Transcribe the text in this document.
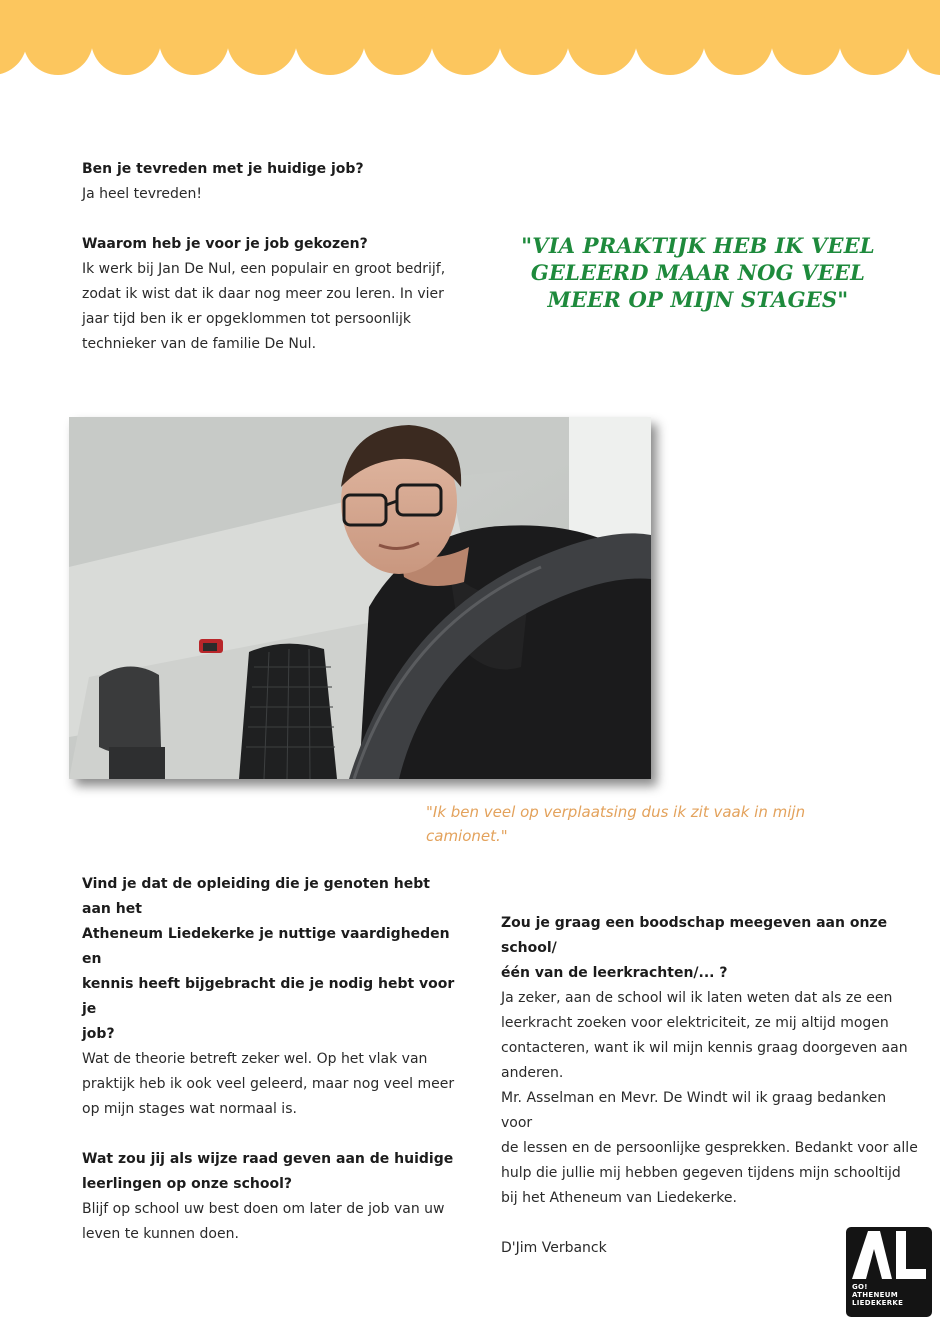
Ben je tevreden met je huidige job?

Ja heel tevreden!

Waarom heb je voor je job gekozen?

Ik werk bij Jan De Nul, een populair en groot bedrijf,

zodat ik wist dat ik daar nog meer zou leren. In vier

jaar tijd ben ik er opgeklommen tot persoonlijk

technieker van de familie De Nul.

"VIA PRAKTIJK HEB IK VEEL
GELEERD MAAR NOG VEEL
MEER OP MIJN STAGES"
"Ik ben veel op verplaatsing dus ik zit vaak in mijn camionet."

Vind je dat de opleiding die je genoten hebt aan het

Atheneum Liedekerke je nuttige vaardigheden en

kennis heeft bijgebracht die je nodig hebt voor je

job?

Wat de theorie betreft zeker wel. Op het vlak van

praktijk heb ik ook veel geleerd, maar nog veel meer

op mijn stages wat normaal is.

Wat zou jij als wijze raad geven aan de huidige

leerlingen op onze school?

Blijf op school uw best doen om later de job van uw

leven te kunnen doen.

Zou je graag een boodschap meegeven aan onze school/

één van de leerkrachten/... ?

Ja zeker, aan de school wil ik laten weten dat als ze een

leerkracht zoeken voor elektriciteit, ze mij altijd mogen

contacteren, want ik wil mijn kennis graag doorgeven aan

anderen.

Mr. Asselman en Mevr. De Windt wil ik graag bedanken voor

de lessen en de persoonlijke gesprekken. Bedankt voor alle

hulp die jullie mij hebben gegeven tijdens mijn schooltijd

bij het Atheneum van Liedekerke.

D'Jim Verbanck

GO!
ATHENEUM
LIEDEKERKE
